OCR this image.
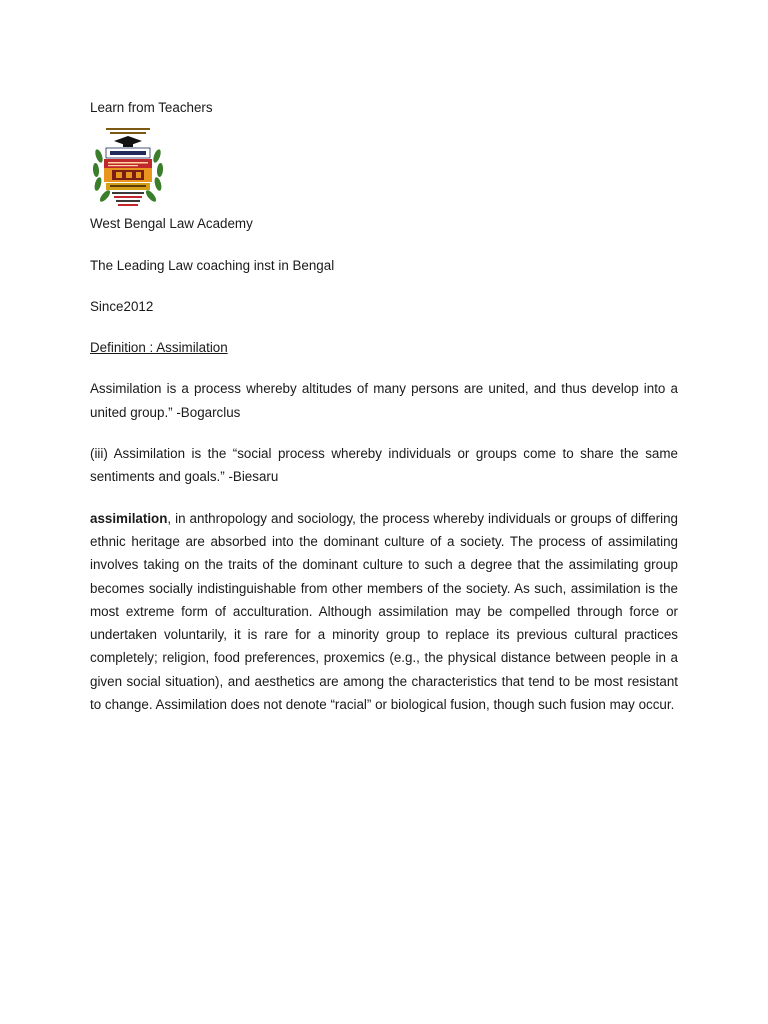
Learn from Teachers

West Bengal Law Academy

The Leading Law coaching inst in Bengal

Since2012

Definition : Assimilation

Assimilation is a process whereby altitudes of many persons are united, and thus develop into a united group.” -Bogarclus

(iii) Assimilation is the “social process whereby individuals or groups come to share the same sentiments and goals.” -Biesaru

assimilation, in anthropology and sociology, the process whereby individuals or groups of differing ethnic heritage are absorbed into the dominant culture of a society. The process of assimilating involves taking on the traits of the dominant culture to such a degree that the assimilating group becomes socially indistinguishable from other members of the society. As such, assimilation is the most extreme form of acculturation. Although assimilation may be compelled through force or undertaken voluntarily, it is rare for a minority group to replace its previous cultural practices completely; religion, food preferences, proxemics (e.g., the physical distance between people in a given social situation), and aesthetics are among the characteristics that tend to be most resistant to change. Assimilation does not denote “racial” or biological fusion, though such fusion may occur.
